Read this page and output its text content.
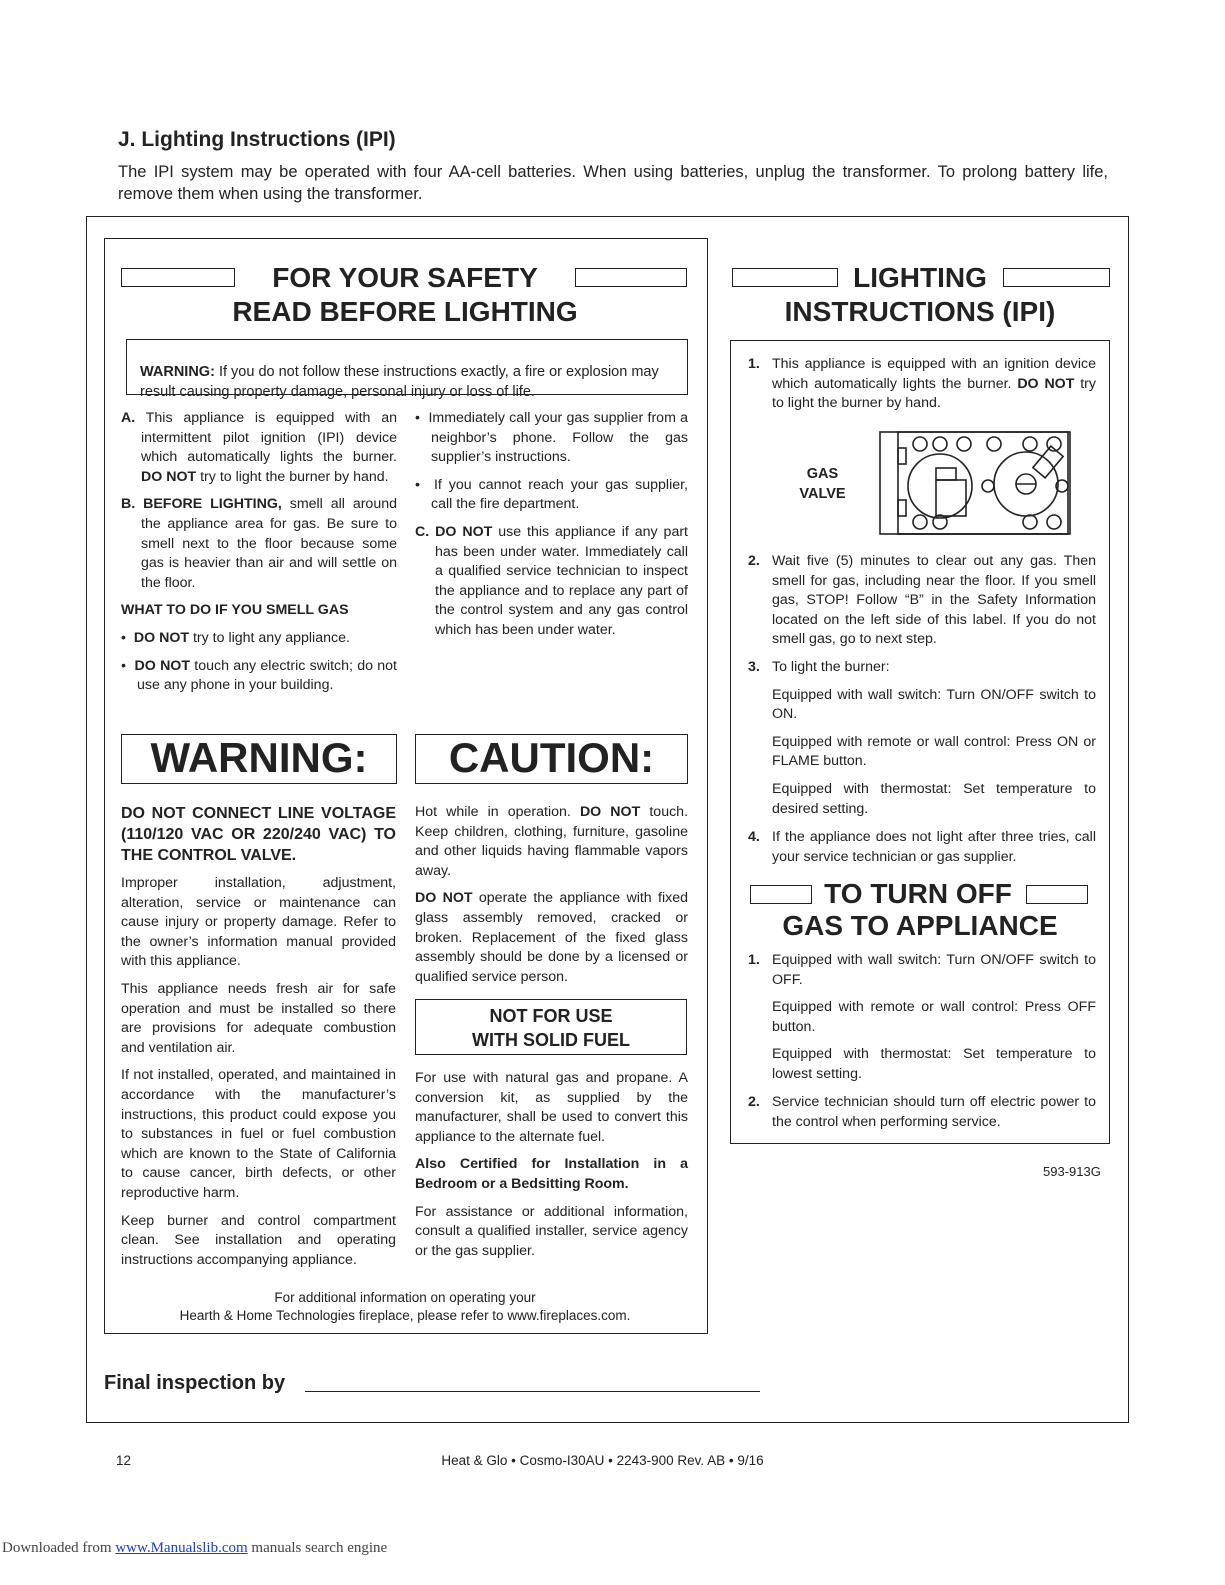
J. Lighting Instructions (IPI)
The IPI system may be operated with four AA-cell batteries. When using batteries, unplug the transformer. To prolong battery life, remove them when using the transformer.
FOR YOUR SAFETY
READ BEFORE LIGHTING

WARNING: If you do not follow these instructions exactly, a fire or explosion may result causing property damage, personal injury or loss of life.

A. This appliance is equipped with an intermittent pilot ignition (IPI) device which automatically lights the burner. DO NOT try to light the burner by hand.

B. BEFORE LIGHTING, smell all around the appliance area for gas. Be sure to smell next to the floor because some gas is heavier than air and will settle on the floor.

WHAT TO DO IF YOU SMELL GAS

• DO NOT try to light any appliance.

• DO NOT touch any electric switch; do not use any phone in your building.

• Immediately call your gas supplier from a neighbor’s phone. Follow the gas supplier’s instructions.

• If you cannot reach your gas supplier, call the fire department.

C. DO NOT use this appliance if any part has been under water. Immediately call a qualified service technician to inspect the appliance and to replace any part of the control system and any gas control which has been under water.

WARNING:	CAUTION:

DO NOT CONNECT LINE VOLTAGE (110/120 VAC OR 220/240 VAC) TO THE CONTROL VALVE.

Improper installation, adjustment, alteration, service or maintenance can cause injury or property damage. Refer to the owner’s information manual provided with this appliance.

This appliance needs fresh air for safe operation and must be installed so there are provisions for adequate combustion and ventilation air.

If not installed, operated, and maintained in accordance with the manufacturer’s instructions, this product could expose you to substances in fuel or fuel combustion which are known to the State of California to cause cancer, birth defects, or other reproductive harm.

Keep burner and control compartment clean. See installation and operating instructions accompanying appliance.

Hot while in operation. DO NOT touch. Keep children, clothing, furniture, gasoline and other liquids having flammable vapors away.

DO NOT operate the appliance with fixed glass assembly removed, cracked or broken. Replacement of the fixed glass assembly should be done by a licensed or qualified service person.

NOT FOR USE
WITH SOLID FUEL

For use with natural gas and propane. A conversion kit, as supplied by the manufacturer, shall be used to convert this appliance to the alternate fuel.

Also Certified for Installation in a Bedroom or a Bedsitting Room.

For assistance or additional information, consult a qualified installer, service agency or the gas supplier.

For additional information on operating your
Hearth & Home Technologies fireplace, please refer to www.fireplaces.com.
LIGHTING
INSTRUCTIONS (IPI)
1. This appliance is equipped with an ignition device which automatically lights the burner. DO NOT try to light the burner by hand.

GAS
VALVE
2. Wait five (5) minutes to clear out any gas. Then smell for gas, including near the floor. If you smell gas, STOP! Follow “B” in the Safety Information located on the left side of this label. If you do not smell gas, go to next step.

3. To light the burner:

Equipped with wall switch: Turn ON/OFF switch to ON.

Equipped with remote or wall control: Press ON or FLAME button.

Equipped with thermostat: Set temperature to desired setting.

4. If the appliance does not light after three tries, call your service technician or gas supplier.

TO TURN OFF
GAS TO APPLIANCE
1. Equipped with wall switch: Turn ON/OFF switch to OFF.

Equipped with remote or wall control: Press OFF button.

Equipped with thermostat: Set temperature to lowest setting.

2. Service technician should turn off electric power to the control when performing service.

593-913G
Final inspection by
12	Heat & Glo • Cosmo-I30AU • 2243-900 Rev. AB • 9/16
Downloaded from www.Manualslib.com manuals search engine
